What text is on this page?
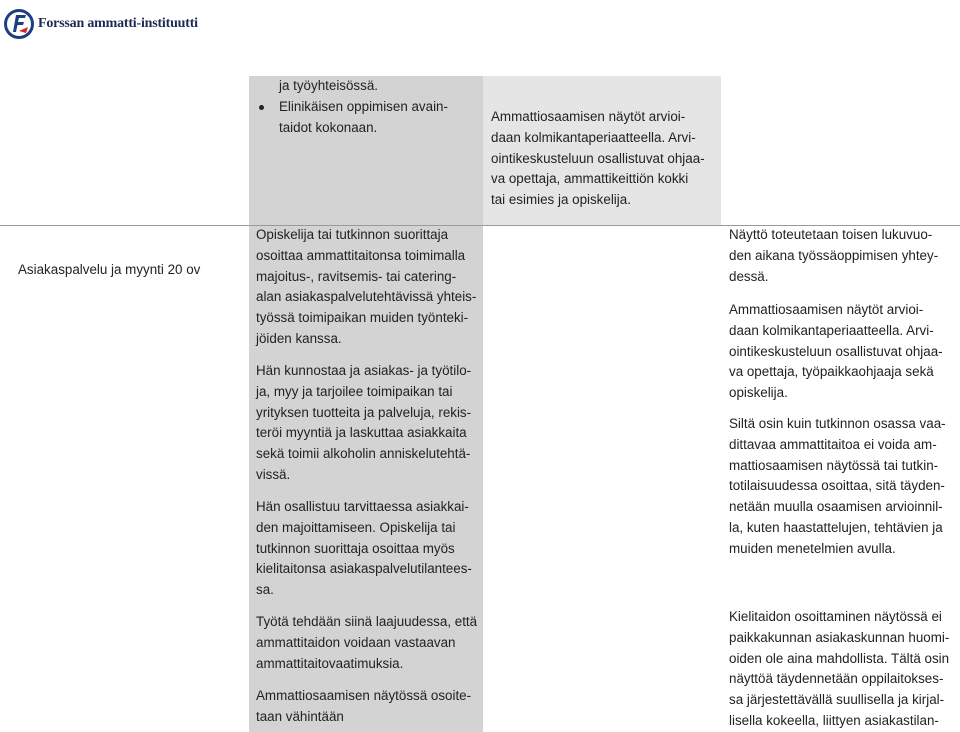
Forssan ammatti-instituutti
ja työyhteisössä.
Elinikäisen oppimisen avain-
taidot kokonaan.
Ammattiosaamisen näytöt arvioi-
daan kolmikantaperiaatteella. Arvi-
ointikeskusteluun osallistuvat ohjaa-
va opettaja, ammattikeittiön kokki
tai esimies ja opiskelija.
Asiakaspalvelu ja myynti 20 ov
Opiskelija tai tutkinnon suorittaja
osoittaa ammattitaitonsa toimimalla
majoitus-, ravitsemis- tai catering-
alan asiakaspalvelutehtävissä yhteis-
työssä toimipaikan muiden työnteki-
jöiden kanssa.
Hän kunnostaa ja asiakas- ja työtilo-
ja, myy ja tarjoilee toimipaikan tai
yrityksen tuotteita ja palveluja, rekis-
teröi myyntiä ja laskuttaa asiakkaita
sekä toimii alkoholin anniskelutehtä-
vissä.
Hän osallistuu tarvittaessa asiakkai-
den majoittamiseen. Opiskelija tai
tutkinnon suorittaja osoittaa myös
kielitaitonsa asiakaspalvelutilantees-
sa.
Työtä tehdään siinä laajuudessa, että
ammattitaidon voidaan vastaavan
ammattitaitovaatimuksia.
Ammattiosaamisen näytössä osoite-
taan vähintään
Näyttö toteutetaan toisen lukuvuo-
den aikana työssäoppimisen yhtey-
dessä.
Ammattiosaamisen näytöt arvioi-
daan kolmikantaperiaatteella. Arvi-
ointikeskusteluun osallistuvat ohjaa-
va opettaja, työpaikkaohjaaja sekä
opiskelija.
Siltä osin kuin tutkinnon osassa vaa-
dittavaa ammattitaitoa ei voida am-
mattiosaamisen näytössä tai tutkin-
totilaisuudessa osoittaa, sitä täyden-
netään muulla osaamisen arvioinnil-
la, kuten haastattelujen, tehtävien ja
muiden menetelmien avulla.
Kielitaidon osoittaminen näytössä ei
paikkakunnan asiakaskunnan huomi-
oiden ole aina mahdollista. Tältä osin
näyttöä täydennetään oppilaitokses-
sa järjestettävällä suullisella ja kirjal-
lisella kokeella, liittyen asiakastilan-
